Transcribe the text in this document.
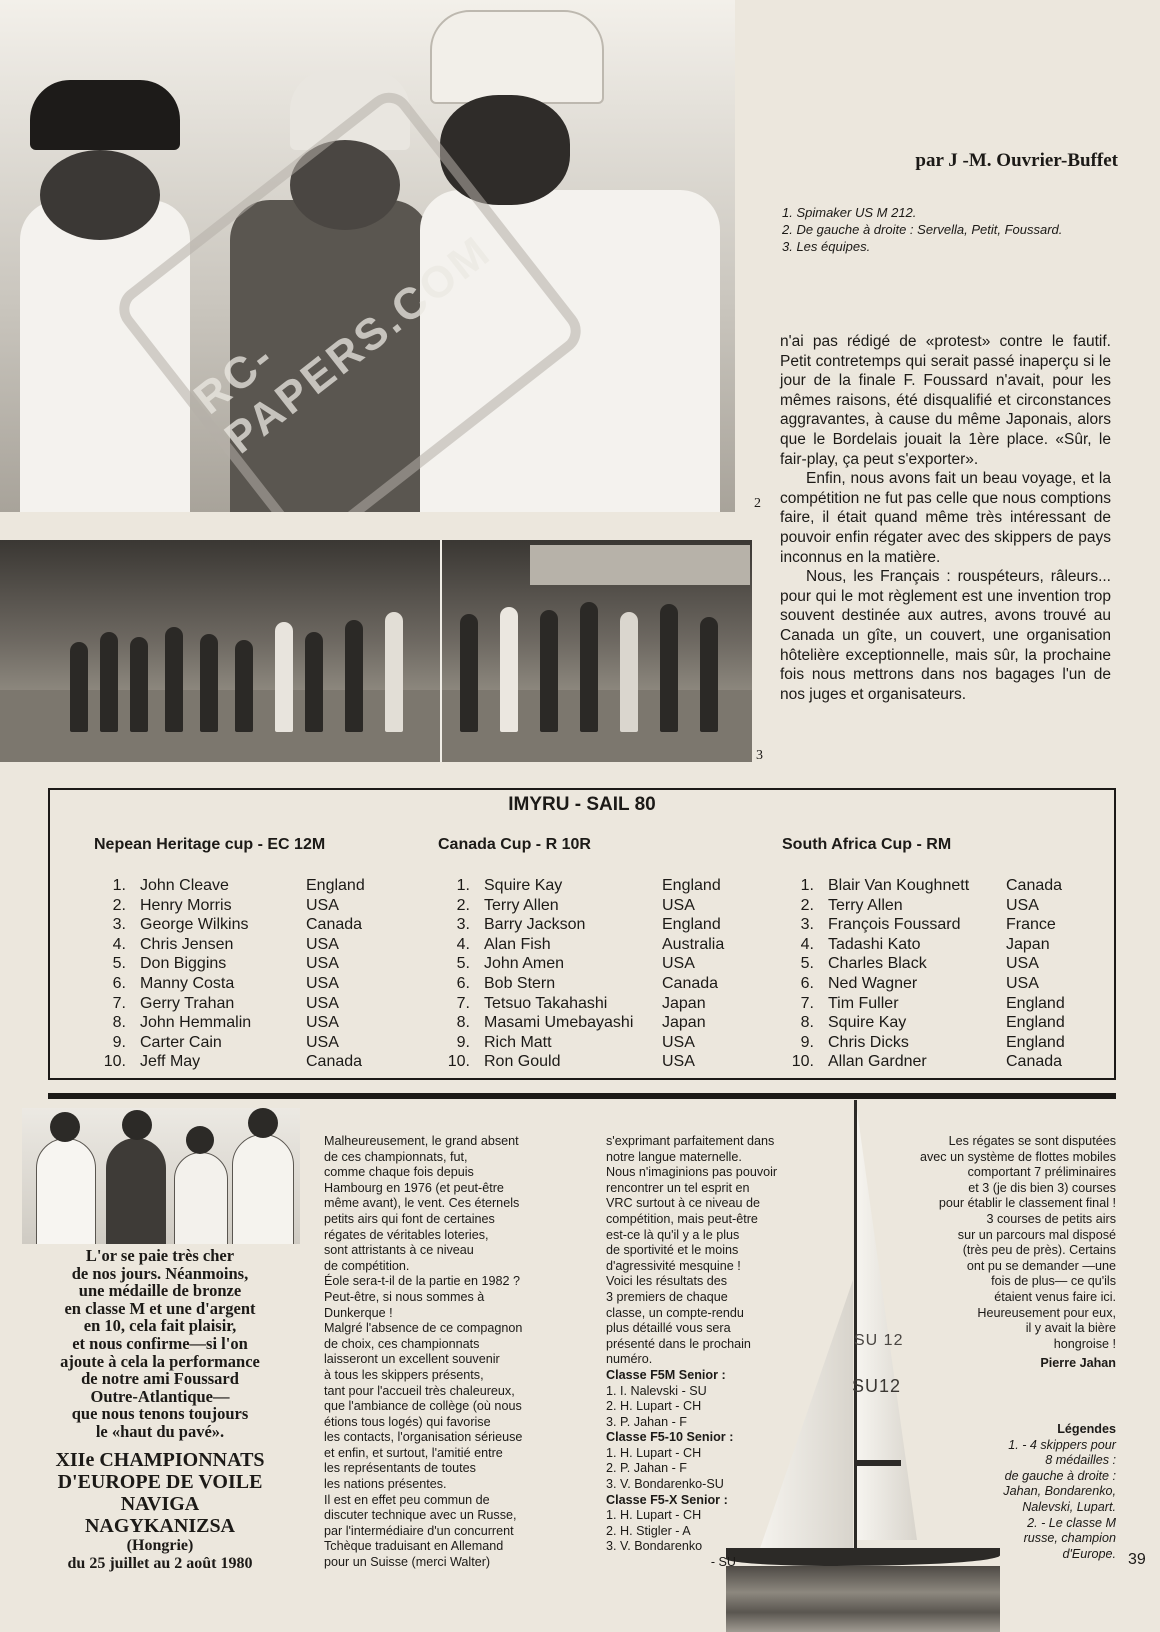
RC-PAPERS.COM
2
par J -M. Ouvrier-Buffet
1. Spimaker US M 212.
2. De gauche à droite : Servella, Petit, Foussard.
3. Les équipes.

n'ai pas rédigé de «protest» contre le fautif. Petit contretemps qui serait passé inaperçu si le jour de la finale F. Foussard n'avait, pour les mêmes raisons, été disqualifié et circonstances aggravantes, à cause du même Japonais, alors que le Bordelais jouait la 1ère place. «Sûr, le fair-play, ça peut s'exporter».

Enfin, nous avons fait un beau voyage, et la compétition ne fut pas celle que nous comptions faire, il était quand même très intéressant de pouvoir enfin régater avec des skippers de pays inconnus en la matière.

Nous, les Français : rouspéteurs, râleurs... pour qui le mot règlement est une invention trop souvent destinée aux autres, avons trouvé au Canada un gîte, un couvert, une organisation hôtelière exceptionnelle, mais sûr, la prochaine fois nous mettrons dans nos bagages l'un de nos juges et organisateurs.

3
IMYRU - SAIL 80
Nepean Heritage cup - EC 12M
1. John Cleave	England
2. Henry Morris	USA
3. George Wilkins	Canada
4. Chris Jensen	USA
5. Don Biggins	USA
6. Manny Costa	USA
7. Gerry Trahan	USA
8. John Hemmalin	USA
9. Carter Cain	USA
10. Jeff May	Canada
Canada Cup - R 10R
1. Squire Kay	England
2. Terry Allen	USA
3. Barry Jackson	England
4. Alan Fish	Australia
5. John Amen	USA
6. Bob Stern	Canada
7. Tetsuo Takahashi	Japan
8. Masami Umebayashi	Japan
9. Rich Matt	USA
10. Ron Gould	USA
South Africa Cup - RM
1. Blair Van Koughnett	Canada
2. Terry Allen	USA
3. François Foussard	France
4. Tadashi Kato	Japan
5. Charles Black	USA
6. Ned Wagner	USA
7. Tim Fuller	England
8. Squire Kay	England
9. Chris Dicks	England
10. Allan Gardner	Canada
L'or se paie très cher
de nos jours. Néanmoins,
une médaille de bronze
en classe M et une d'argent
en 10, cela fait plaisir,
et nous confirme—si l'on
ajoute à cela la performance
de notre ami Foussard
Outre-Atlantique—
que nous tenons toujours
le «haut du pavé».
XIIe CHAMPIONNATS
D'EUROPE DE VOILE
NAVIGA
NAGYKANIZSA
(Hongrie)
du 25 juillet au 2 août 1980
Malheureusement, le grand absent
de ces championnats, fut,
comme chaque fois depuis
Hambourg en 1976 (et peut-être
même avant), le vent. Ces éternels
petits airs qui font de certaines
régates de véritables loteries,
sont attristants à ce niveau
de compétition.
Éole sera-t-il de la partie en 1982 ?
Peut-être, si nous sommes à
Dunkerque !
Malgré l'absence de ce compagnon
de choix, ces championnats
laisseront un excellent souvenir
à tous les skippers présents,
tant pour l'accueil très chaleureux,
que l'ambiance de collège (où nous
étions tous logés) qui favorise
les contacts, l'organisation sérieuse
et enfin, et surtout, l'amitié entre
les représentants de toutes
les nations présentes.
Il est en effet peu commun de
discuter technique avec un Russe,
par l'intermédiaire d'un concurrent
Tchèque traduisant en Allemand
pour un Suisse (merci Walter)
SU 12
SU12
s'exprimant parfaitement dans
notre langue maternelle.
Nous n'imaginions pas pouvoir
rencontrer un tel esprit en
VRC surtout à ce niveau de
compétition, mais peut-être
est-ce là qu'il y a le plus
de sportivité et le moins
d'agressivité mesquine !
Voici les résultats des
3 premiers de chaque
classe, un compte-rendu
plus détaillé vous sera
présenté dans le prochain
numéro.
Classe F5M Senior :
1. I. Nalevski - SU
2. H. Lupart - CH
3. P. Jahan - F
Classe F5-10 Senior :
1. H. Lupart - CH
2. P. Jahan - F
3. V. Bondarenko-SU
Classe F5-X Senior :
1. H. Lupart - CH
2. H. Stigler - A
3. V. Bondarenko
- SU
Les régates se sont disputées
avec un système de flottes mobiles
comportant 7 préliminaires
et 3 (je dis bien 3) courses
pour établir le classement final !
3 courses de petits airs
sur un parcours mal disposé
(très peu de près). Certains
ont pu se demander —une
fois de plus— ce qu'ils
étaient venus faire ici.
Heureusement pour eux,
il y avait la bière
hongroise !
Pierre Jahan
Légendes
1. - 4 skippers pour
8 médailles :
de gauche à droite :
Jahan, Bondarenko,
Nalevski, Lupart.
2. - Le classe M
russe, champion
d'Europe. 39
